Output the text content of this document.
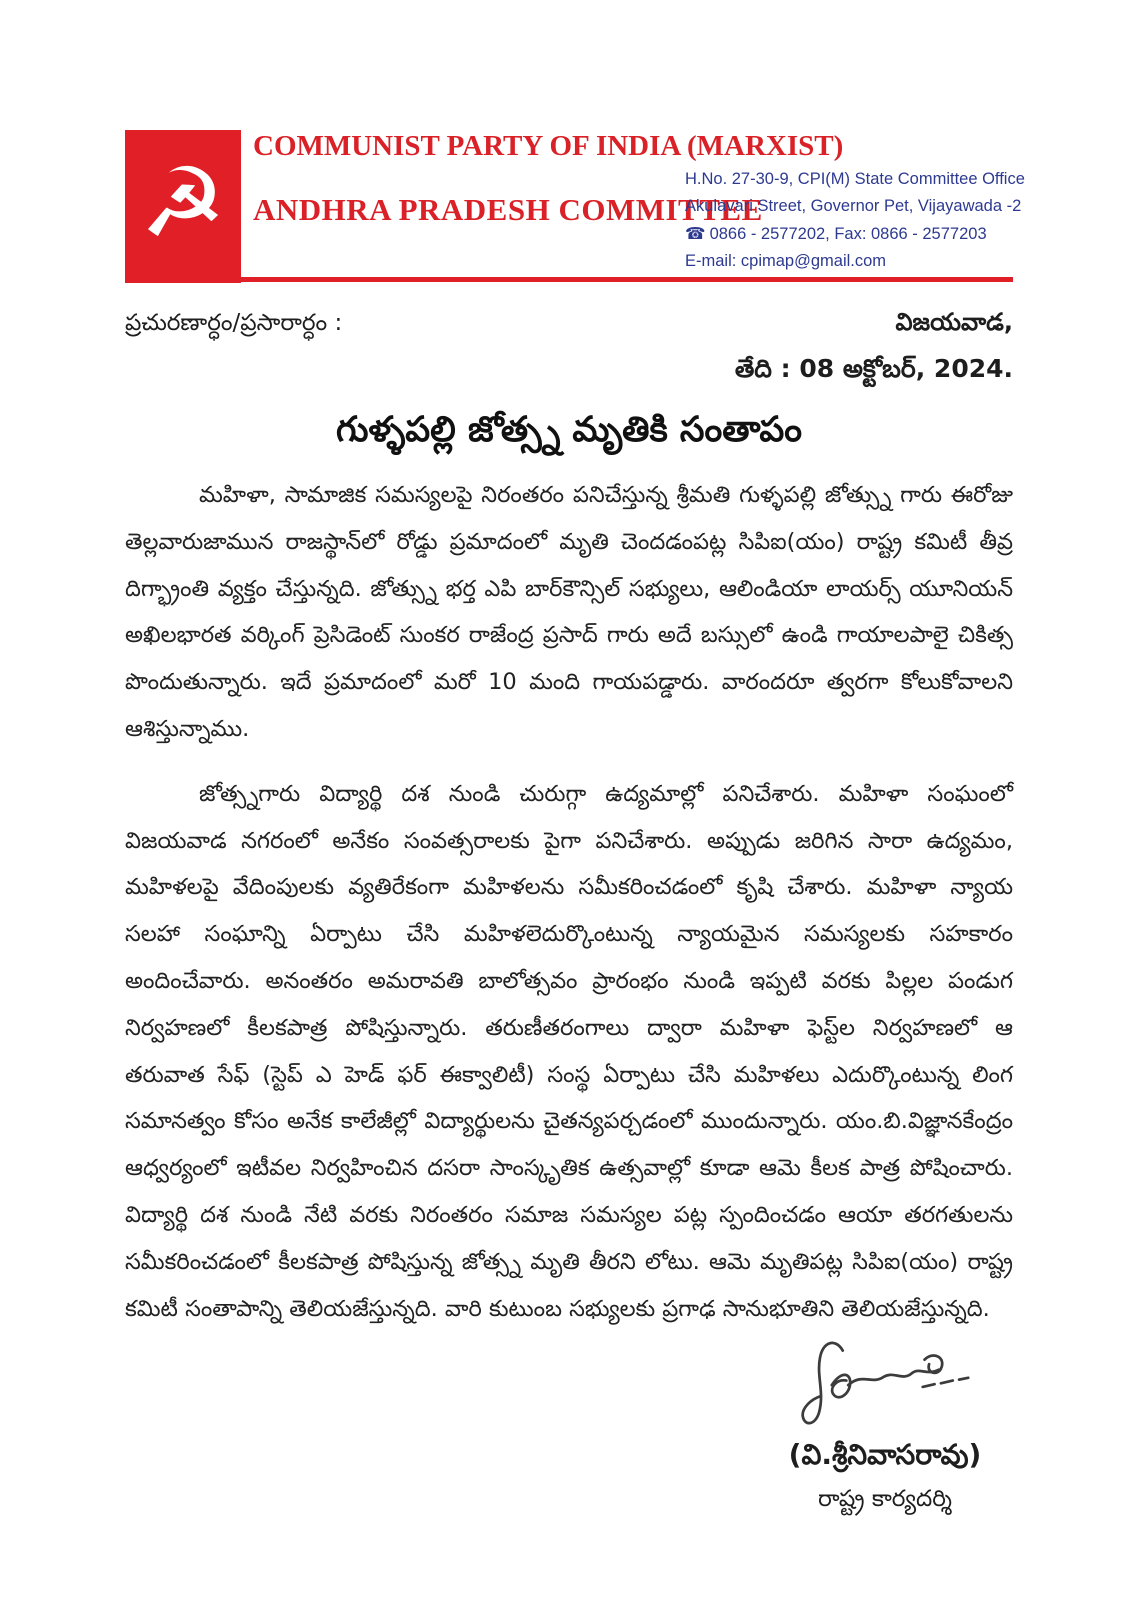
☭
COMMUNIST PARTY OF INDIA (MARXIST)
ANDHRA PRADESH COMMITTEE
H.No. 27-30-9, CPI(M) State Committee Office
Akulavari Street, Governor Pet, Vijayawada -2
☎ 0866 - 2577202, Fax: 0866 - 2577203
E-mail: cpimap@gmail.com
ప్రచురణార్ధం/ప్రసారార్ధం :	విజయవాడ,
తేది : 08 అక్టోబర్, 2024.
గుళ్ళపల్లి జోత్స్న మృతికి సంతాపం

మహిళా, సామాజిక సమస్యలపై నిరంతరం పనిచేస్తున్న శ్రీమతి గుళ్ళపల్లి జోత్స్ను గారు ఈరోజు తెల్లవారుజామున రాజస్థాన్‌లో రోడ్డు ప్రమాదంలో మృతి చెందడంపట్ల సిపిఐ(యం) రాష్ట్ర కమిటీ తీవ్ర దిగ్భ్రాంతి వ్యక్తం చేస్తున్నది. జోత్స్ను భర్త ఎపి బార్‌కౌన్సిల్ సభ్యులు, ఆలిండియా లాయర్స్ యూనియన్ అఖిలభారత వర్కింగ్ ప్రెసిడెంట్ సుంకర రాజేంద్ర ప్రసాద్ గారు అదే బస్సులో ఉండి గాయాలపాలై చికిత్స పొందుతున్నారు. ఇదే ప్రమాదంలో మరో 10 మంది గాయపడ్డారు. వారందరూ త్వరగా కోలుకోవాలని ఆశిస్తున్నాము.

జోత్స్నగారు విద్యార్థి దశ నుండి చురుగ్గా ఉద్యమాల్లో పనిచేశారు. మహిళా సంఘంలో విజయవాడ నగరంలో అనేకం సంవత్సరాలకు పైగా పనిచేశారు. అప్పుడు జరిగిన సారా ఉద్యమం, మహిళలపై వేదింపులకు వ్యతిరేకంగా మహిళలను సమీకరించడంలో కృషి చేశారు. మహిళా న్యాయ సలహా సంఘాన్ని ఏర్పాటు చేసి మహిళలెదుర్కొంటున్న న్యాయమైన సమస్యలకు సహకారం అందించేవారు. అనంతరం అమరావతి బాలోత్సవం ప్రారంభం నుండి ఇప్పటి వరకు పిల్లల పండుగ నిర్వహణలో కీలకపాత్ర పోషిస్తున్నారు. తరుణీతరంగాలు ద్వారా మహిళా ఫెస్ట్‌ల నిర్వహణలో ఆ తరువాత సేఫ్ (స్టెప్ ఎ హెడ్ ఫర్ ఈక్వాలిటీ) సంస్థ ఏర్పాటు చేసి మహిళలు ఎదుర్కొంటున్న లింగ సమానత్వం కోసం అనేక కాలేజీల్లో విద్యార్థులను చైతన్యపర్చడంలో ముందున్నారు. యం.బి.విజ్ఞానకేంద్రం ఆధ్వర్యంలో ఇటీవల నిర్వహించిన దసరా సాంస్కృతిక ఉత్సవాల్లో కూడా ఆమె కీలక పాత్ర పోషించారు. విద్యార్థి దశ నుండి నేటి వరకు నిరంతరం సమాజ సమస్యల పట్ల స్పందించడం ఆయా తరగతులను సమీకరించడంలో కీలకపాత్ర పోషిస్తున్న జోత్స్న మృతి తీరని లోటు. ఆమె మృతిపట్ల సిపిఐ(యం) రాష్ట్ర కమిటీ సంతాపాన్ని తెలియజేస్తున్నది. వారి కుటుంబ సభ్యులకు ప్రగాఢ సానుభూతిని తెలియజేస్తున్నది.

(వి.శ్రీనివాసరావు)
రాష్ట్ర కార్యదర్శి
